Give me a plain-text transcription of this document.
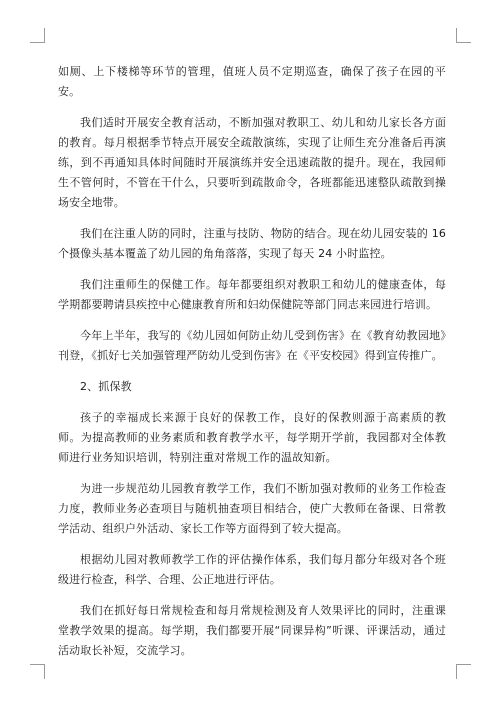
如厕、上下楼梯等环节的管理，值班人员不定期巡查，确保了孩子在园的平安。

我们适时开展安全教育活动，不断加强对教职工、幼儿和幼儿家长各方面的教育。每月根据季节特点开展安全疏散演练，实现了让师生充分准备后再演练，到不再通知具体时间随时开展演练并安全迅速疏散的提升。现在，我园师生不管何时，不管在干什么，只要听到疏散命令，各班都能迅速整队疏散到操场安全地带。

我们在注重人防的同时，注重与技防、物防的结合。现在幼儿园安装的 16 个摄像头基本覆盖了幼儿园的角角落落，实现了每天 24 小时监控。

我们注重师生的保健工作。每年都要组织对教职工和幼儿的健康查体，每学期都要聘请县疾控中心健康教育所和妇幼保健院等部门同志来园进行培训。

今年上半年，我写的《幼儿园如何防止幼儿受到伤害》在《教育幼教园地》刊登，《抓好七关加强管理严防幼儿受到伤害》在《平安校园》得到宣传推广。

2、抓保教

孩子的幸福成长来源于良好的保教工作，良好的保教则源于高素质的教师。为提高教师的业务素质和教育教学水平，每学期开学前，我园都对全体教师进行业务知识培训，特别注重对常规工作的温故知新。

为进一步规范幼儿园教育教学工作，我们不断加强对教师的业务工作检查力度，教师业务必查项目与随机抽查项目相结合，使广大教师在备课、日常教学活动、组织户外活动、家长工作等方面得到了较大提高。

根据幼儿园对教师教学工作的评估操作体系，我们每月都分年级对各个班级进行检查，科学、合理、公正地进行评估。

我们在抓好每日常规检查和每月常规检测及育人效果评比的同时，注重课堂教学效果的提高。每学期，我们都要开展“同课异构”听课、评课活动，通过活动取长补短，交流学习。
